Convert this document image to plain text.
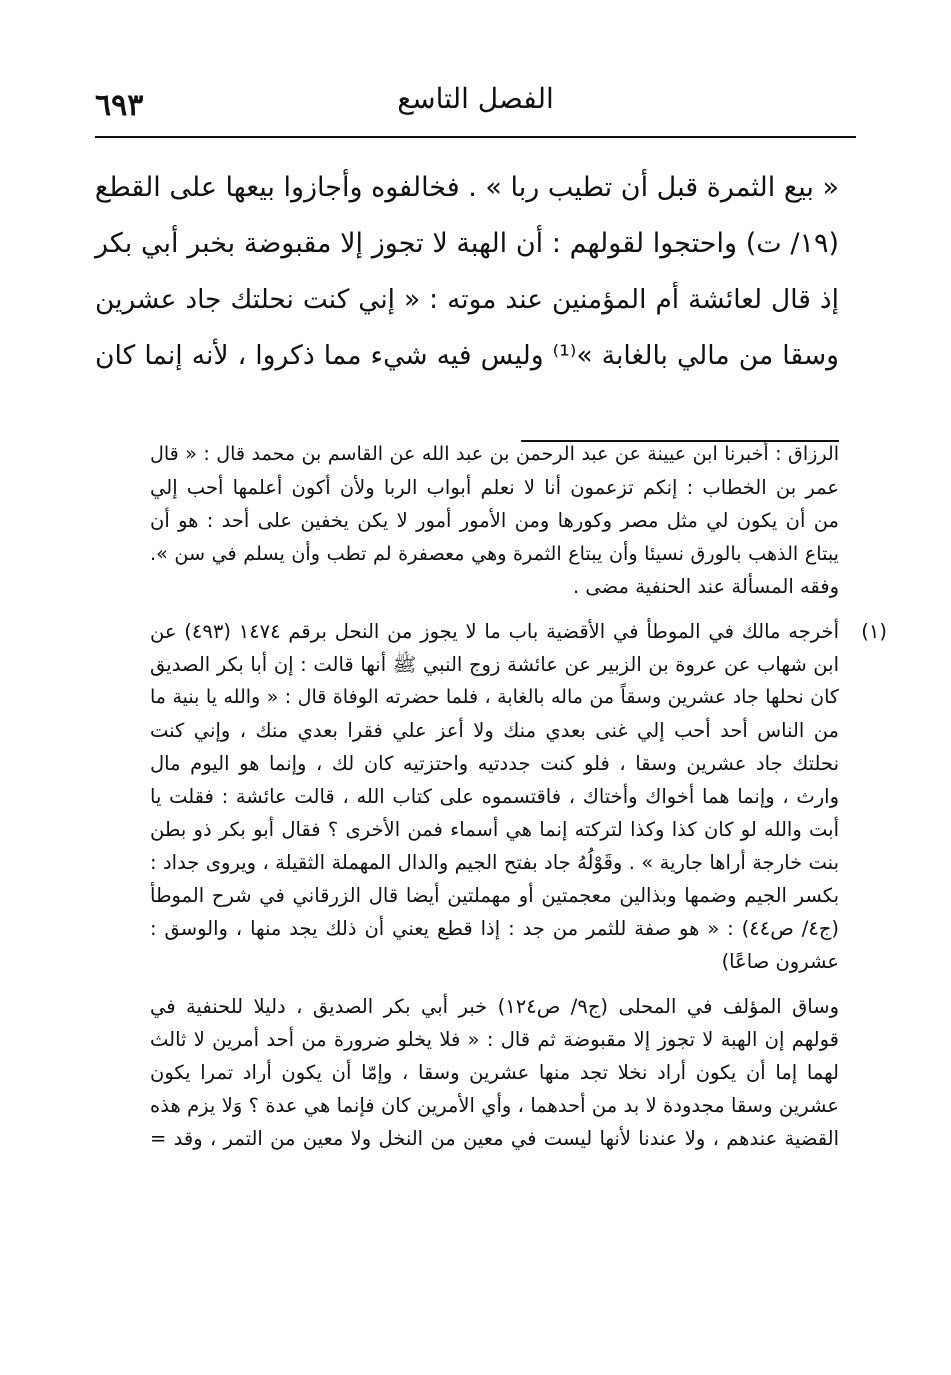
٦٩٣	الفصل التاسع
« بيع الثمرة قبل أن تطيب ربا » . فخالفوه وأجازوا بيعها على القطع
(١٩/ ت) واحتجوا لقولهم : أن الهبة لا تجوز إلا مقبوضة بخبر أبي بكر
إذ قال لعائشة أم المؤمنين عند موته : « إني كنت نحلتك جاد عشرين
وسقا من مالي بالغابة »⁽¹⁾ وليس فيه شيء مما ذكروا ، لأنه إنما كان
الرزاق : أخبرنا ابن عيينة عن عبد الرحمن بن عبد الله عن القاسم بن محمد قال : « قال
عمر بن الخطاب : إنكم تزعمون أنا لا نعلم أبواب الربا ولأن أكون أعلمها أحب إلي
من أن يكون لي مثل مصر وكورها ومن الأمور أمور لا يكن يخفين على أحد : هو أن
يبتاع الذهب بالورق نسيئا وأن يبتاع الثمرة وهي معصفرة لم تطب وأن يسلم في سن ».
وفقه المسألة عند الحنفية مضى .
(١)
أخرجه مالك في الموطأ في الأقضية باب ما لا يجوز من النحل برقم ١٤٧٤ (٤٩٣) عن
ابن شهاب عن عروة بن الزبير عن عائشة زوج النبي ﷺ أنها قالت : إن أبا بكر الصديق
كان نحلها جاد عشرين وسقاً من ماله بالغابة ، فلما حضرته الوفاة قال : « والله يا بنية ما
من الناس أحد أحب إلي غنى بعدي منك ولا أعز علي فقرا بعدي منك ، وإني كنت
نحلتك جاد عشرين وسقا ، فلو كنت جددتيه واحتزتيه كان لك ، وإنما هو اليوم مال
وارث ، وإنما هما أخواك وأختاك ، فاقتسموه على كتاب الله ، قالت عائشة : فقلت يا
أبت والله لو كان كذا وكذا لتركته إنما هي أسماء فمن الأخرى ؟ فقال أبو بكر ذو بطن
بنت خارجة أراها جارية » . وقَوْلُهُ جاد بفتح الجيم والدال المهملة الثقيلة ، ويروى جداد :
بكسر الجيم وضمها وبذالين معجمتين أو مهملتين أيضا قال الزرقاني في شرح الموطأ
(ج٤/ ص٤٤) : « هو صفة للثمر من جد : إذا قطع يعني أن ذلك يجد منها ، والوسق :
عشرون صاعًا)
وساق المؤلف في المحلى (ج٩/ ص١٢٤) خبر أبي بكر الصديق ، دليلا للحنفية في
قولهم إن الهبة لا تجوز إلا مقبوضة ثم قال : « فلا يخلو ضرورة من أحد أمرين لا ثالث
لهما إما أن يكون أراد نخلا تجد منها عشرين وسقا ، وإمّا أن يكون أراد تمرا يكون
عشرين وسقا مجدودة لا بد من أحدهما ، وأي الأمرين كان فإنما هي عدة ؟ وَلا يزم هذه
القضية عندهم ، ولا عندنا لأنها ليست في معين من النخل ولا معين من التمر ، وقد =
